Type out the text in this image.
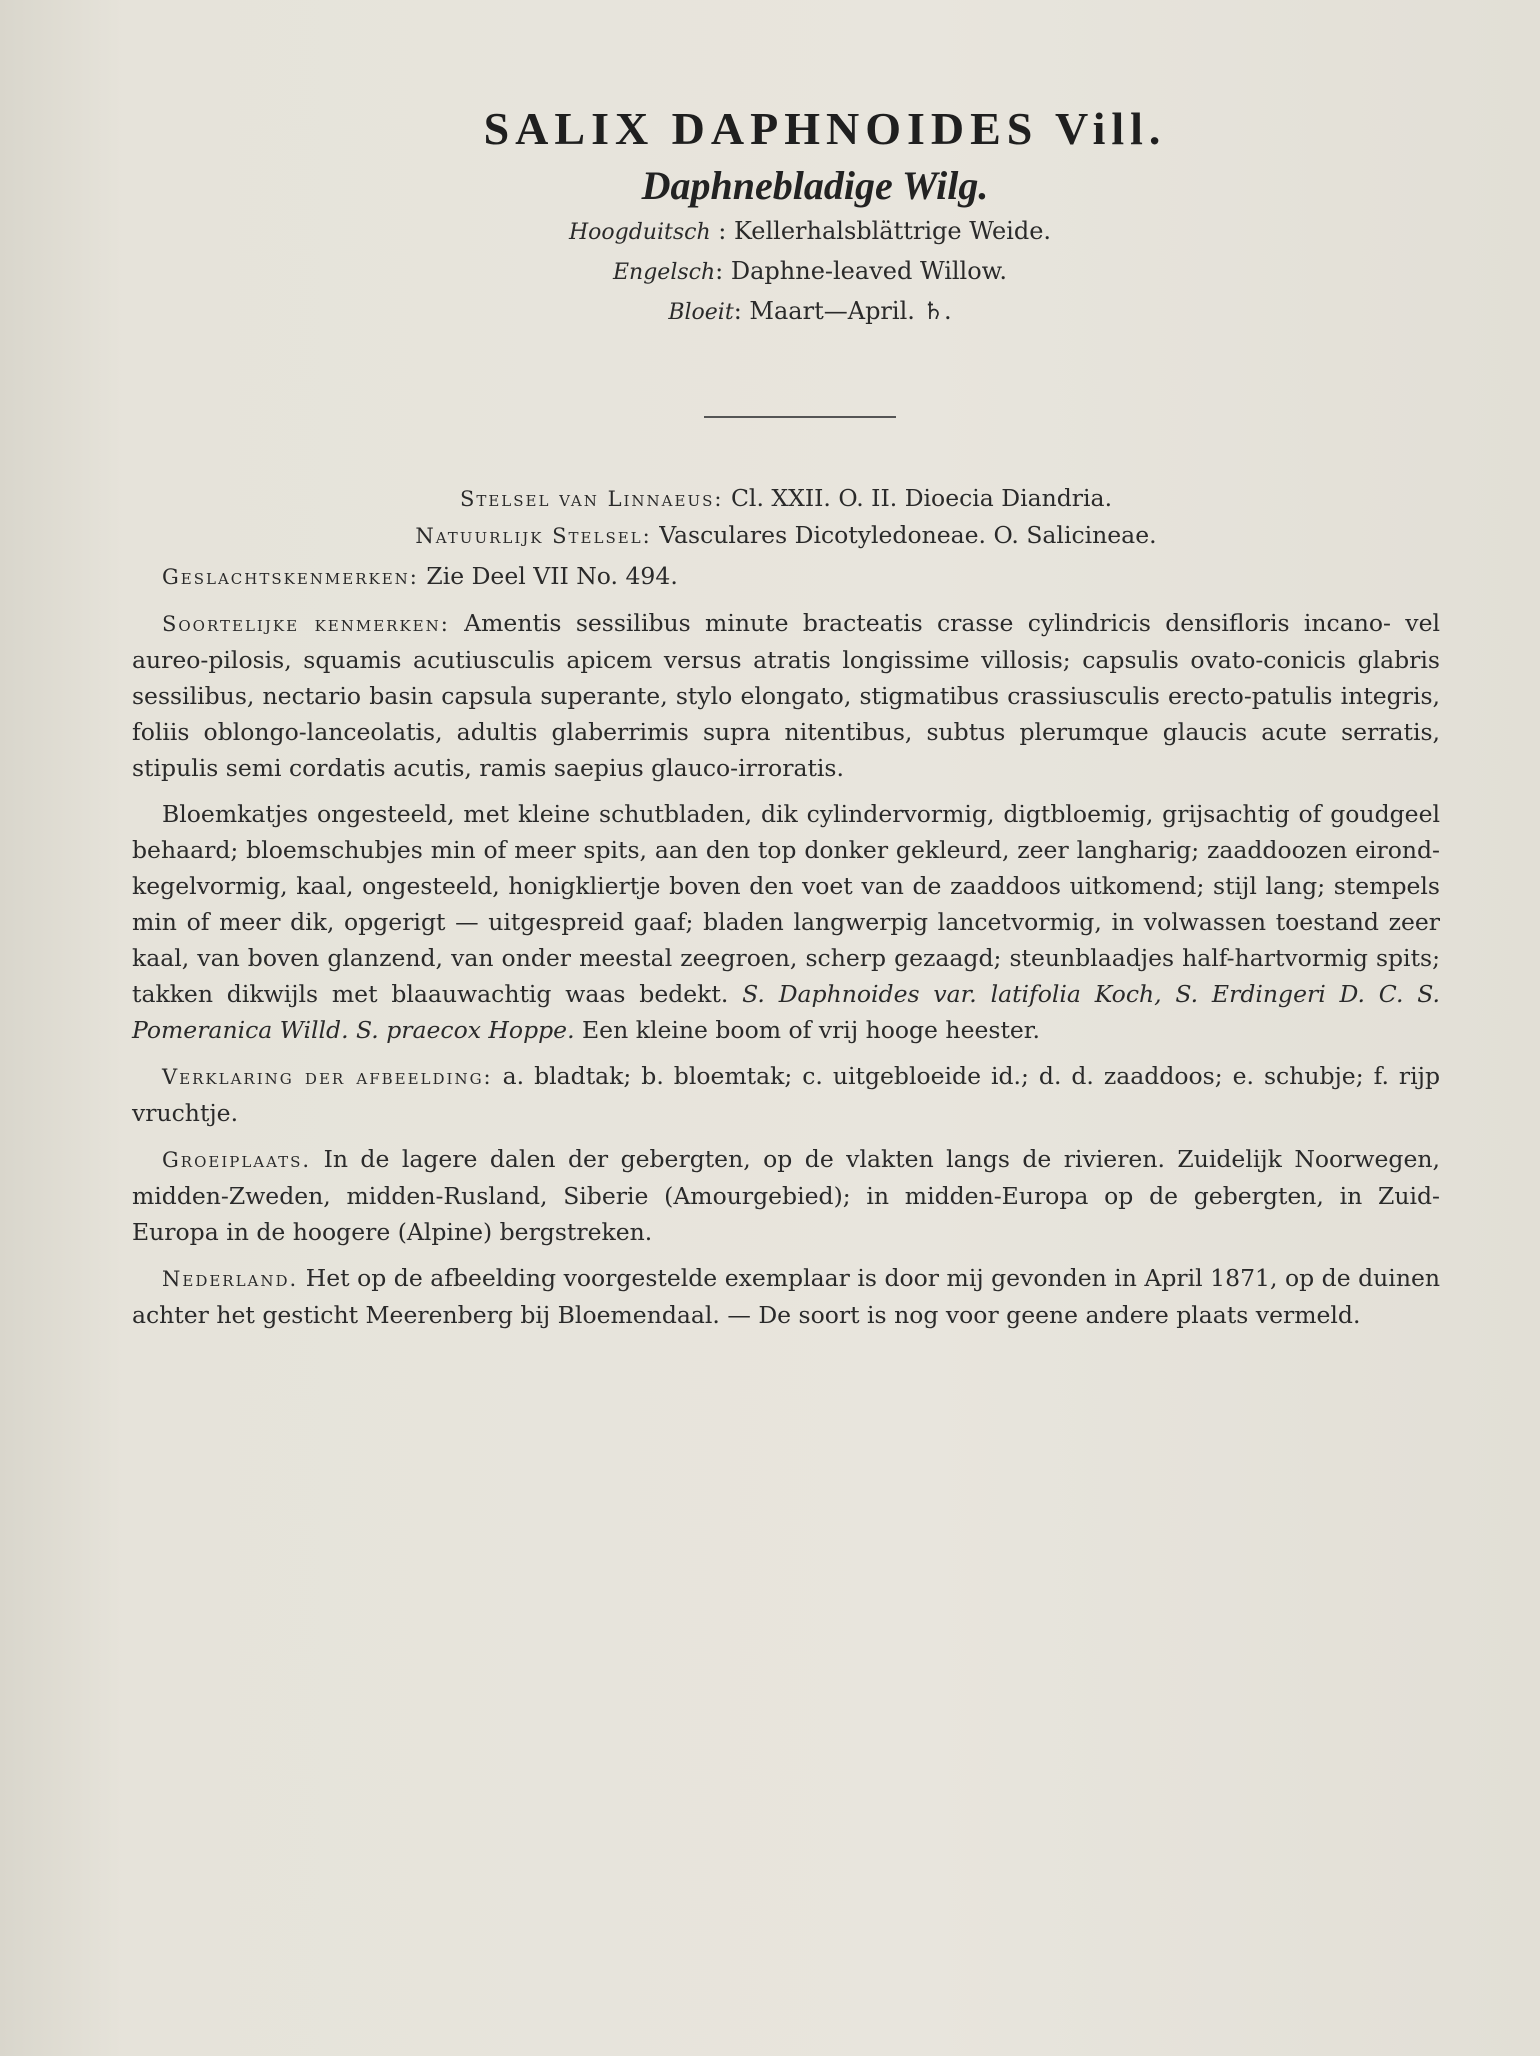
SALIX DAPHNOIDES Vill.

Daphnebladige Wilg.

Hoogduitsch : Kellerhalsblättrige Weide.

Engelsch: Daphne-leaved Willow.

Bloeit: Maart—April. ♄.

Stelsel van Linnaeus: Cl. XXII. O. II. Dioecia Diandria.

Natuurlijk Stelsel: Vasculares Dicotyledoneae. O. Salicineae.

Geslachtskenmerken: Zie Deel VII No. 494.

Soortelijke kenmerken: Amentis sessilibus minute bracteatis crasse cylindricis densifloris incano- vel aureo-pilosis, squamis acutiusculis apicem versus atratis longissime villosis; capsulis ovato-conicis glabris sessilibus, nectario basin capsula superante, stylo elongato, stigmatibus crassiusculis erecto-patulis integris, foliis oblongo-lanceolatis, adultis glaberrimis supra nitentibus, subtus plerumque glaucis acute serratis, stipulis semi cordatis acutis, ramis saepius glauco-irroratis.

Bloemkatjes ongesteeld, met kleine schutbladen, dik cylindervormig, digtbloemig, grijsachtig of goudgeel behaard; bloemschubjes min of meer spits, aan den top donker gekleurd, zeer langharig; zaaddoozen eirond-kegelvormig, kaal, ongesteeld, honigkliertje boven den voet van de zaaddoos uitkomend; stijl lang; stempels min of meer dik, opgerigt — uitgespreid gaaf; bladen langwerpig lancetvormig, in volwassen toestand zeer kaal, van boven glanzend, van onder meestal zeegroen, scherp gezaagd; steunblaadjes half-hartvormig spits; takken dikwijls met blaauwachtig waas bedekt. S. Daphnoides var. latifolia Koch, S. Erdingeri D. C. S. Pomeranica Willd. S. praecox Hoppe. Een kleine boom of vrij hooge heester.

Verklaring der afbeelding: a. bladtak; b. bloemtak; c. uitgebloeide id.; d. d. zaaddoos; e. schubje; f. rijp vruchtje.

Groeiplaats. In de lagere dalen der gebergten, op de vlakten langs de rivieren. Zuidelijk Noorwegen, midden-Zweden, midden-Rusland, Siberie (Amourgebied); in midden-Europa op de gebergten, in Zuid-Europa in de hoogere (Alpine) bergstreken.

Nederland. Het op de afbeelding voorgestelde exemplaar is door mij gevonden in April 1871, op de duinen achter het gesticht Meerenberg bij Bloemendaal. — De soort is nog voor geene andere plaats vermeld.
